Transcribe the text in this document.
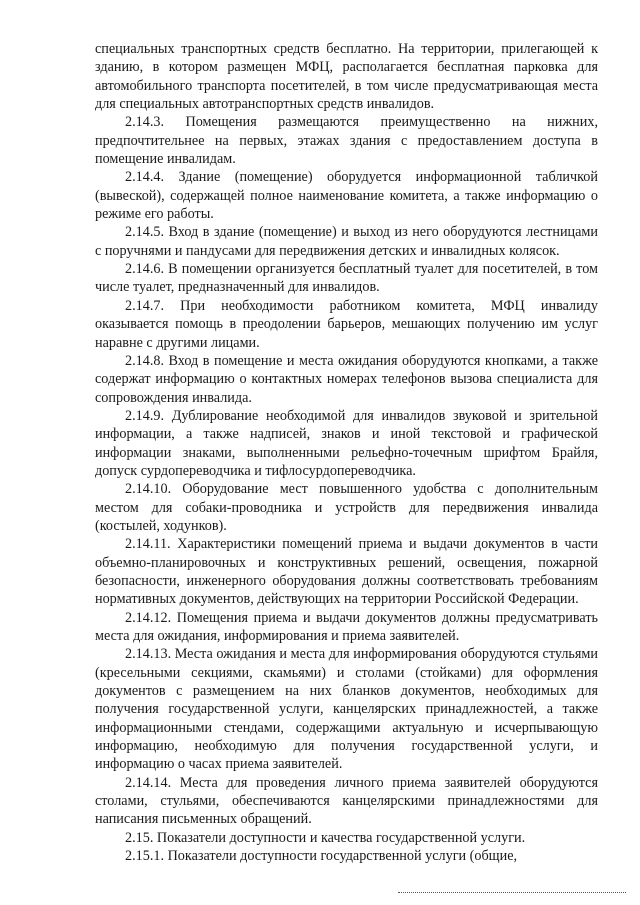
специальных транспортных средств бесплатно. На территории, прилегающей к зданию, в котором размещен МФЦ, располагается бесплатная парковка для автомобильного транспорта посетителей, в том числе предусматривающая места для специальных автотранспортных средств инвалидов.

2.14.3. Помещения размещаются преимущественно на нижних, предпочтительнее на первых, этажах здания с предоставлением доступа в помещение инвалидам.

2.14.4. Здание (помещение) оборудуется информационной табличкой (вывеской), содержащей полное наименование комитета, а также информацию о режиме его работы.

2.14.5. Вход в здание (помещение) и выход из него оборудуются лестницами с поручнями и пандусами для передвижения детских и инвалидных колясок.

2.14.6. В помещении организуется бесплатный туалет для посетителей, в том числе туалет, предназначенный для инвалидов.

2.14.7. При необходимости работником комитета, МФЦ инвалиду оказывается помощь в преодолении барьеров, мешающих получению им услуг наравне с другими лицами.

2.14.8. Вход в помещение и места ожидания оборудуются кнопками, а также содержат информацию о контактных номерах телефонов вызова специалиста для сопровождения инвалида.

2.14.9. Дублирование необходимой для инвалидов звуковой и зрительной информации, а также надписей, знаков и иной текстовой и графической информации знаками, выполненными рельефно-точечным шрифтом Брайля, допуск сурдопереводчика и тифлосурдопереводчика.

2.14.10. Оборудование мест повышенного удобства с дополнительным местом для собаки-проводника и устройств для передвижения инвалида (костылей, ходунков).

2.14.11. Характеристики помещений приема и выдачи документов в части объемно-планировочных и конструктивных решений, освещения, пожарной безопасности, инженерного оборудования должны соответствовать требованиям нормативных документов, действующих на территории Российской Федерации.

2.14.12. Помещения приема и выдачи документов должны предусматривать места для ожидания, информирования и приема заявителей.

2.14.13. Места ожидания и места для информирования оборудуются стульями (кресельными секциями, скамьями) и столами (стойками) для оформления документов с размещением на них бланков документов, необходимых для получения государственной услуги, канцелярских принадлежностей, а также информационными стендами, содержащими актуальную и исчерпывающую информацию, необходимую для получения государственной услуги, и информацию о часах приема заявителей.

2.14.14. Места для проведения личного приема заявителей оборудуются столами, стульями, обеспечиваются канцелярскими принадлежностями для написания письменных обращений.

2.15. Показатели доступности и качества государственной услуги.

2.15.1. Показатели доступности государственной услуги (общие,
